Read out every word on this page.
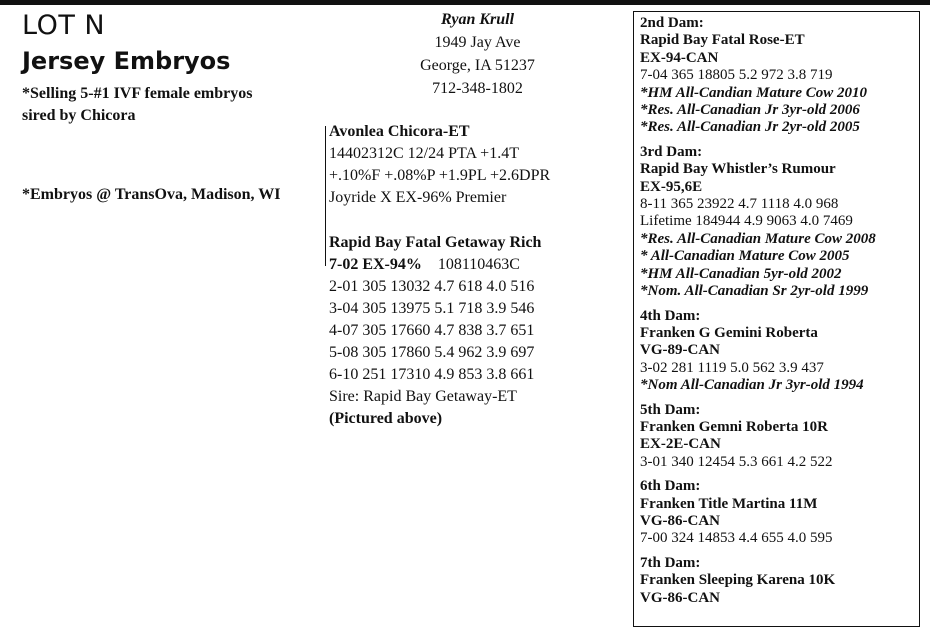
LOT N
Jersey Embryos
*Selling 5-#1 IVF female embryos
sired by Chicora
*Embryos @ TransOva, Madison, WI
Ryan Krull
1949 Jay Ave
George, IA 51237
712-348-1802
Avonlea Chicora-ET
14402312C 12/24 PTA +1.4T
+.10%F +.08%P +1.9PL +2.6DPR
Joyride X EX-96% Premier
Rapid Bay Fatal Getaway Rich
7-02 EX-94% 108110463C
2-01 305 13032 4.7 618 4.0 516
3-04 305 13975 5.1 718 3.9 546
4-07 305 17660 4.7 838 3.7 651
5-08 305 17860 5.4 962 3.9 697
6-10 251 17310 4.9 853 3.8 661
Sire: Rapid Bay Getaway-ET
(Pictured above)
2nd Dam:
Rapid Bay Fatal Rose-ET
EX-94-CAN
7-04 365 18805 5.2 972 3.8 719
*HM All-Candian Mature Cow 2010
*Res. All-Canadian Jr 3yr-old 2006
*Res. All-Canadian Jr 2yr-old 2005
3rd Dam:
Rapid Bay Whistler’s Rumour
EX-95,6E
8-11 365 23922 4.7 1118 4.0 968
Lifetime 184944 4.9 9063 4.0 7469
*Res. All-Canadian Mature Cow 2008
* All-Canadian Mature Cow 2005
*HM All-Canadian 5yr-old 2002
*Nom. All-Canadian Sr 2yr-old 1999
4th Dam:
Franken G Gemini Roberta
VG-89-CAN
3-02 281 1119 5.0 562 3.9 437
*Nom All-Canadian Jr 3yr-old 1994
5th Dam:
Franken Gemni Roberta 10R
EX-2E-CAN
3-01 340 12454 5.3 661 4.2 522
6th Dam:
Franken Title Martina 11M
VG-86-CAN
7-00 324 14853 4.4 655 4.0 595
7th Dam:
Franken Sleeping Karena 10K
VG-86-CAN
